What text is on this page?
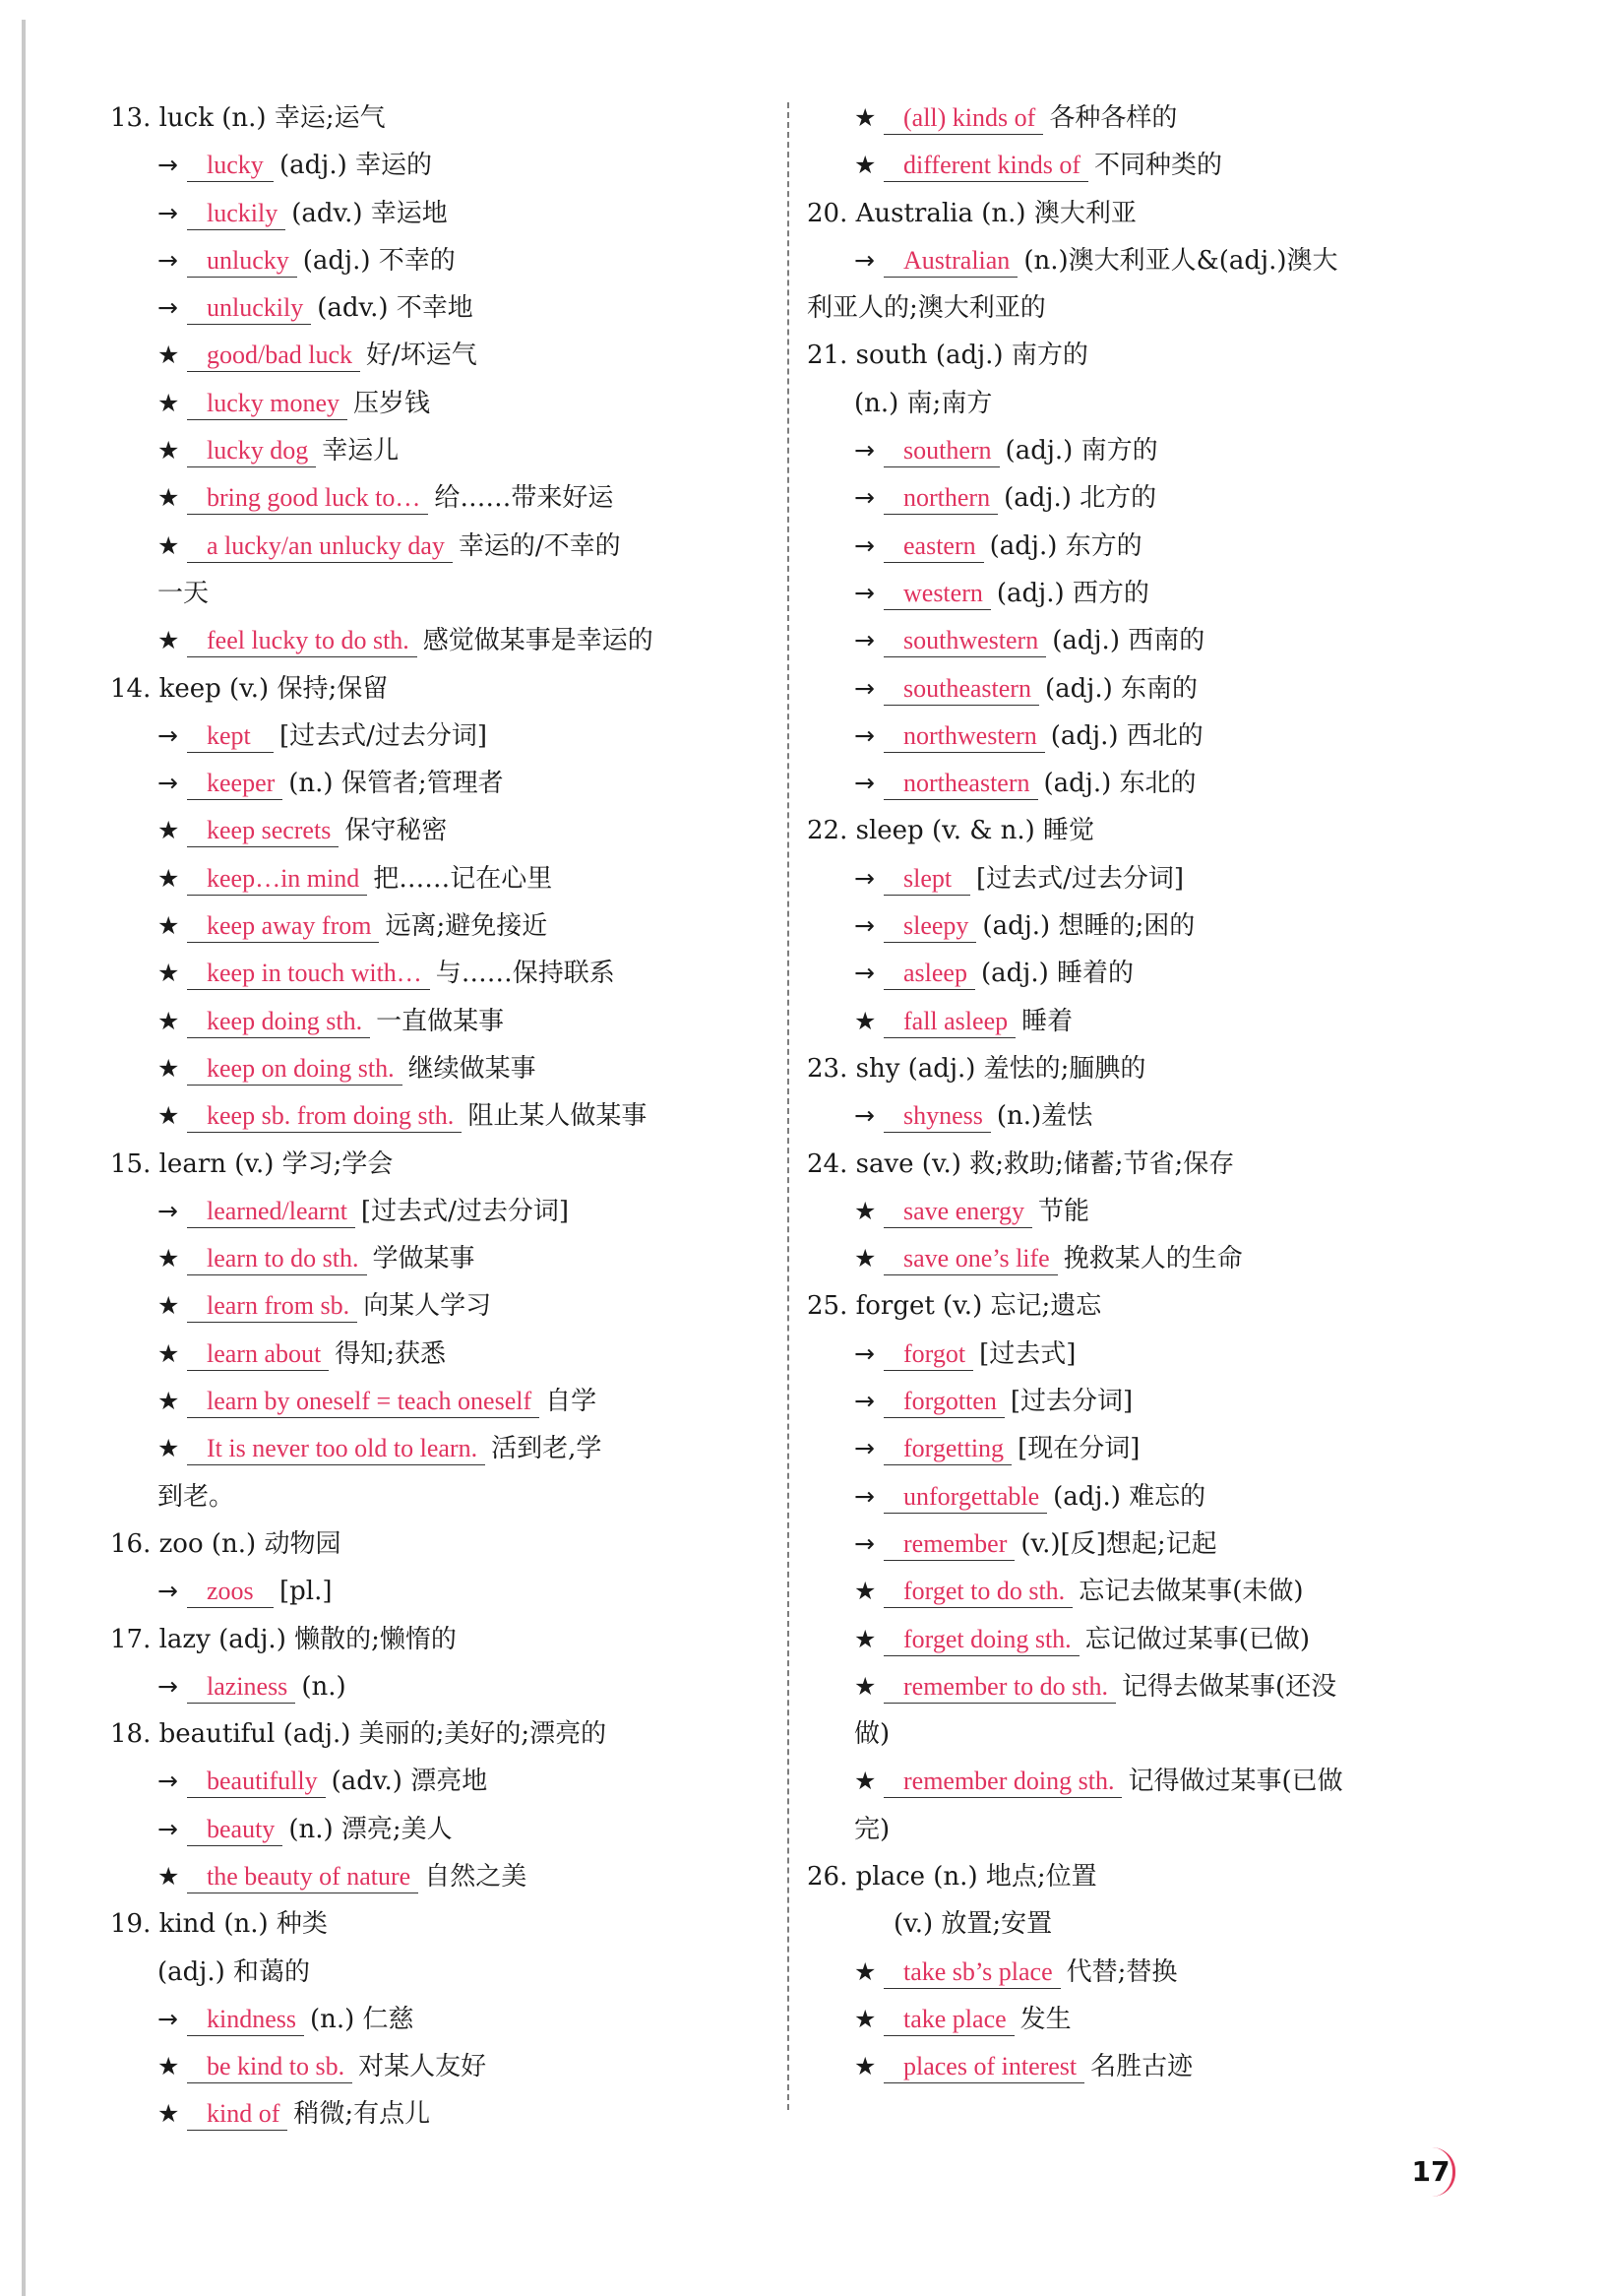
13. luck (n.) 幸运;运气
→ lucky (adj.) 幸运的
→ luckily (adv.) 幸运地
→ unlucky (adj.) 不幸的
→ unluckily (adv.) 不幸地
★ good/bad luck 好/坏运气
★ lucky money 压岁钱
★ lucky dog 幸运儿
★ bring good luck to… 给……带来好运
★ a lucky/an unlucky day 幸运的/不幸的
一天
★ feel lucky to do sth. 感觉做某事是幸运的
14. keep (v.) 保持;保留
→ kept [过去式/过去分词]
→ keeper (n.) 保管者;管理者
★ keep secrets 保守秘密
★ keep…in mind 把……记在心里
★ keep away from 远离;避免接近
★ keep in touch with… 与……保持联系
★ keep doing sth. 一直做某事
★ keep on doing sth. 继续做某事
★ keep sb. from doing sth. 阻止某人做某事
15. learn (v.) 学习;学会
→ learned/learnt [过去式/过去分词]
★ learn to do sth. 学做某事
★ learn from sb. 向某人学习
★ learn about 得知;获悉
★ learn by oneself = teach oneself 自学
★ It is never too old to learn. 活到老,学
到老。
16. zoo (n.) 动物园
→ zoos [pl.]
17. lazy (adj.) 懒散的;懒惰的
→ laziness (n.)
18. beautiful (adj.) 美丽的;美好的;漂亮的
→ beautifully (adv.) 漂亮地
→ beauty (n.) 漂亮;美人
★ the beauty of nature 自然之美
19. kind (n.) 种类
(adj.) 和蔼的
→ kindness (n.) 仁慈
★ be kind to sb. 对某人友好
★ kind of 稍微;有点儿
★ (all) kinds of 各种各样的
★ different kinds of 不同种类的
20. Australia (n.) 澳大利亚
→ Australian (n.)澳大利亚人&(adj.)澳大
利亚人的;澳大利亚的
21. south (adj.) 南方的
(n.) 南;南方
→ southern (adj.) 南方的
→ northern (adj.) 北方的
→ eastern (adj.) 东方的
→ western (adj.) 西方的
→ southwestern (adj.) 西南的
→ southeastern (adj.) 东南的
→ northwestern (adj.) 西北的
→ northeastern (adj.) 东北的
22. sleep (v. & n.) 睡觉
→ slept [过去式/过去分词]
→ sleepy (adj.) 想睡的;困的
→ asleep (adj.) 睡着的
★ fall asleep 睡着
23. shy (adj.) 羞怯的;腼腆的
→ shyness (n.)羞怯
24. save (v.) 救;救助;储蓄;节省;保存
★ save energy 节能
★ save one’s life 挽救某人的生命
25. forget (v.) 忘记;遗忘
→ forgot [过去式]
→ forgotten [过去分词]
→ forgetting [现在分词]
→ unforgettable (adj.) 难忘的
→ remember (v.)[反]想起;记起
★ forget to do sth. 忘记去做某事(未做)
★ forget doing sth. 忘记做过某事(已做)
★ remember to do sth. 记得去做某事(还没
做)
★ remember doing sth. 记得做过某事(已做
完)
26. place (n.) 地点;位置
(v.) 放置;安置
★ take sb’s place 代替;替换
★ take place 发生
★ places of interest 名胜古迹
17
